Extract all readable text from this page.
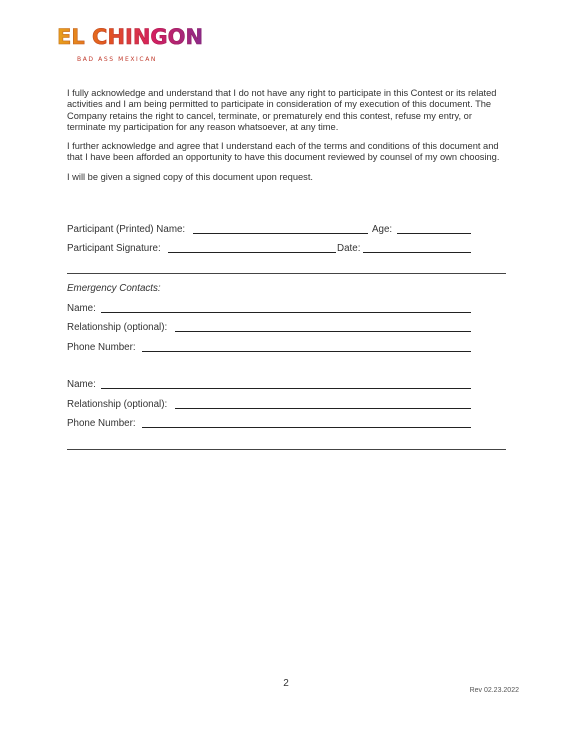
EL CHINGON
BAD ASS MEXICAN

I fully acknowledge and understand that I do not have any right to participate in this Contest or its related activities and I am being permitted to participate in consideration of my execution of this document. The Company retains the right to cancel, terminate, or prematurely end this contest, refuse my entry, or terminate my participation for any reason whatsoever, at any time.

I further acknowledge and agree that I understand each of the terms and conditions of this document and that I have been afforded an opportunity to have this document reviewed by counsel of my own choosing.

I will be given a signed copy of this document upon request.

Participant (Printed) Name:	Age:
Participant Signature:	Date:
Emergency Contacts:
Name:
Relationship (optional):
Phone Number:
Name:
Relationship (optional):
Phone Number:
2
Rev 02.23.2022
